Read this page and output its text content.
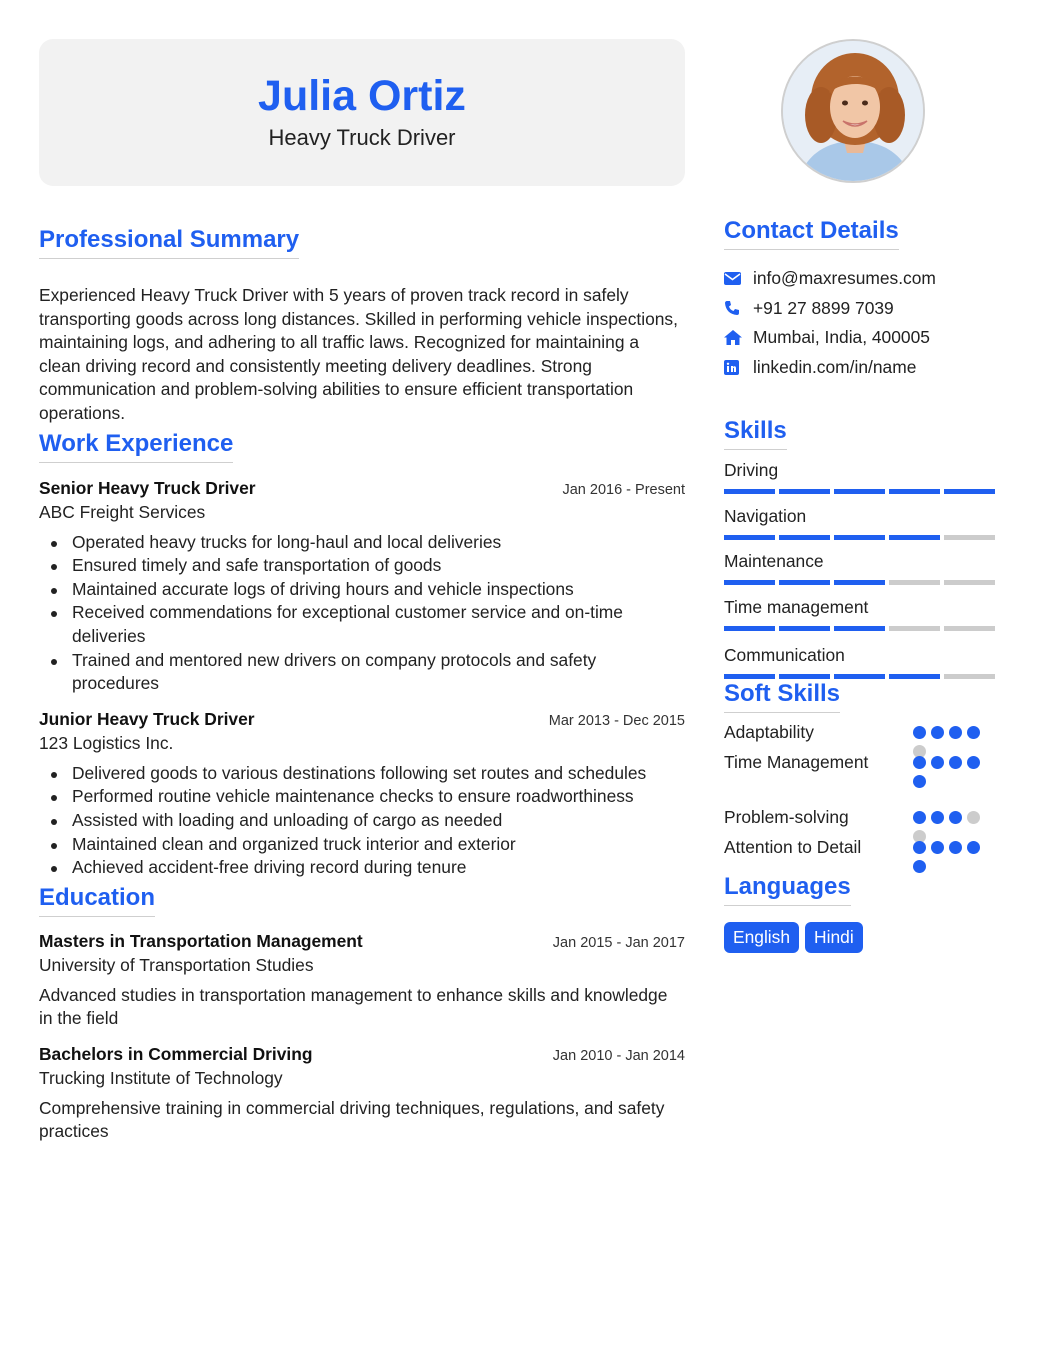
Julia Ortiz
Heavy Truck Driver
Professional Summary

Experienced Heavy Truck Driver with 5 years of proven track record in safely transporting goods across long distances. Skilled in performing vehicle inspections, maintaining logs, and adhering to all traffic laws. Recognized for maintaining a clean driving record and consistently meeting delivery deadlines. Strong communication and problem-solving abilities to ensure efficient transportation operations.

Work Experience
Senior Heavy Truck Driver	Jan 2016 - Present
ABC Freight Services
Operated heavy trucks for long-haul and local deliveries
Ensured timely and safe transportation of goods
Maintained accurate logs of driving hours and vehicle inspections
Received commendations for exceptional customer service and on-time deliveries
Trained and mentored new drivers on company protocols and safety procedures
Junior Heavy Truck Driver	Mar 2013 - Dec 2015
123 Logistics Inc.
Delivered goods to various destinations following set routes and schedules
Performed routine vehicle maintenance checks to ensure roadworthiness
Assisted with loading and unloading of cargo as needed
Maintained clean and organized truck interior and exterior
Achieved accident-free driving record during tenure
Education
Masters in Transportation Management	Jan 2015 - Jan 2017
University of Transportation Studies

Advanced studies in transportation management to enhance skills and knowledge in the field

Bachelors in Commercial Driving	Jan 2010 - Jan 2014
Trucking Institute of Technology

Comprehensive training in commercial driving techniques, regulations, and safety practices

Contact Details
info@maxresumes.com
+91 27 8899 7039
Mumbai, India, 400005
linkedin.com/in/name
Skills
Driving
Navigation
Maintenance
Time management
Communication
Soft Skills
Adaptability
Time Management
Problem-solving
Attention to Detail
Languages
English	Hindi
